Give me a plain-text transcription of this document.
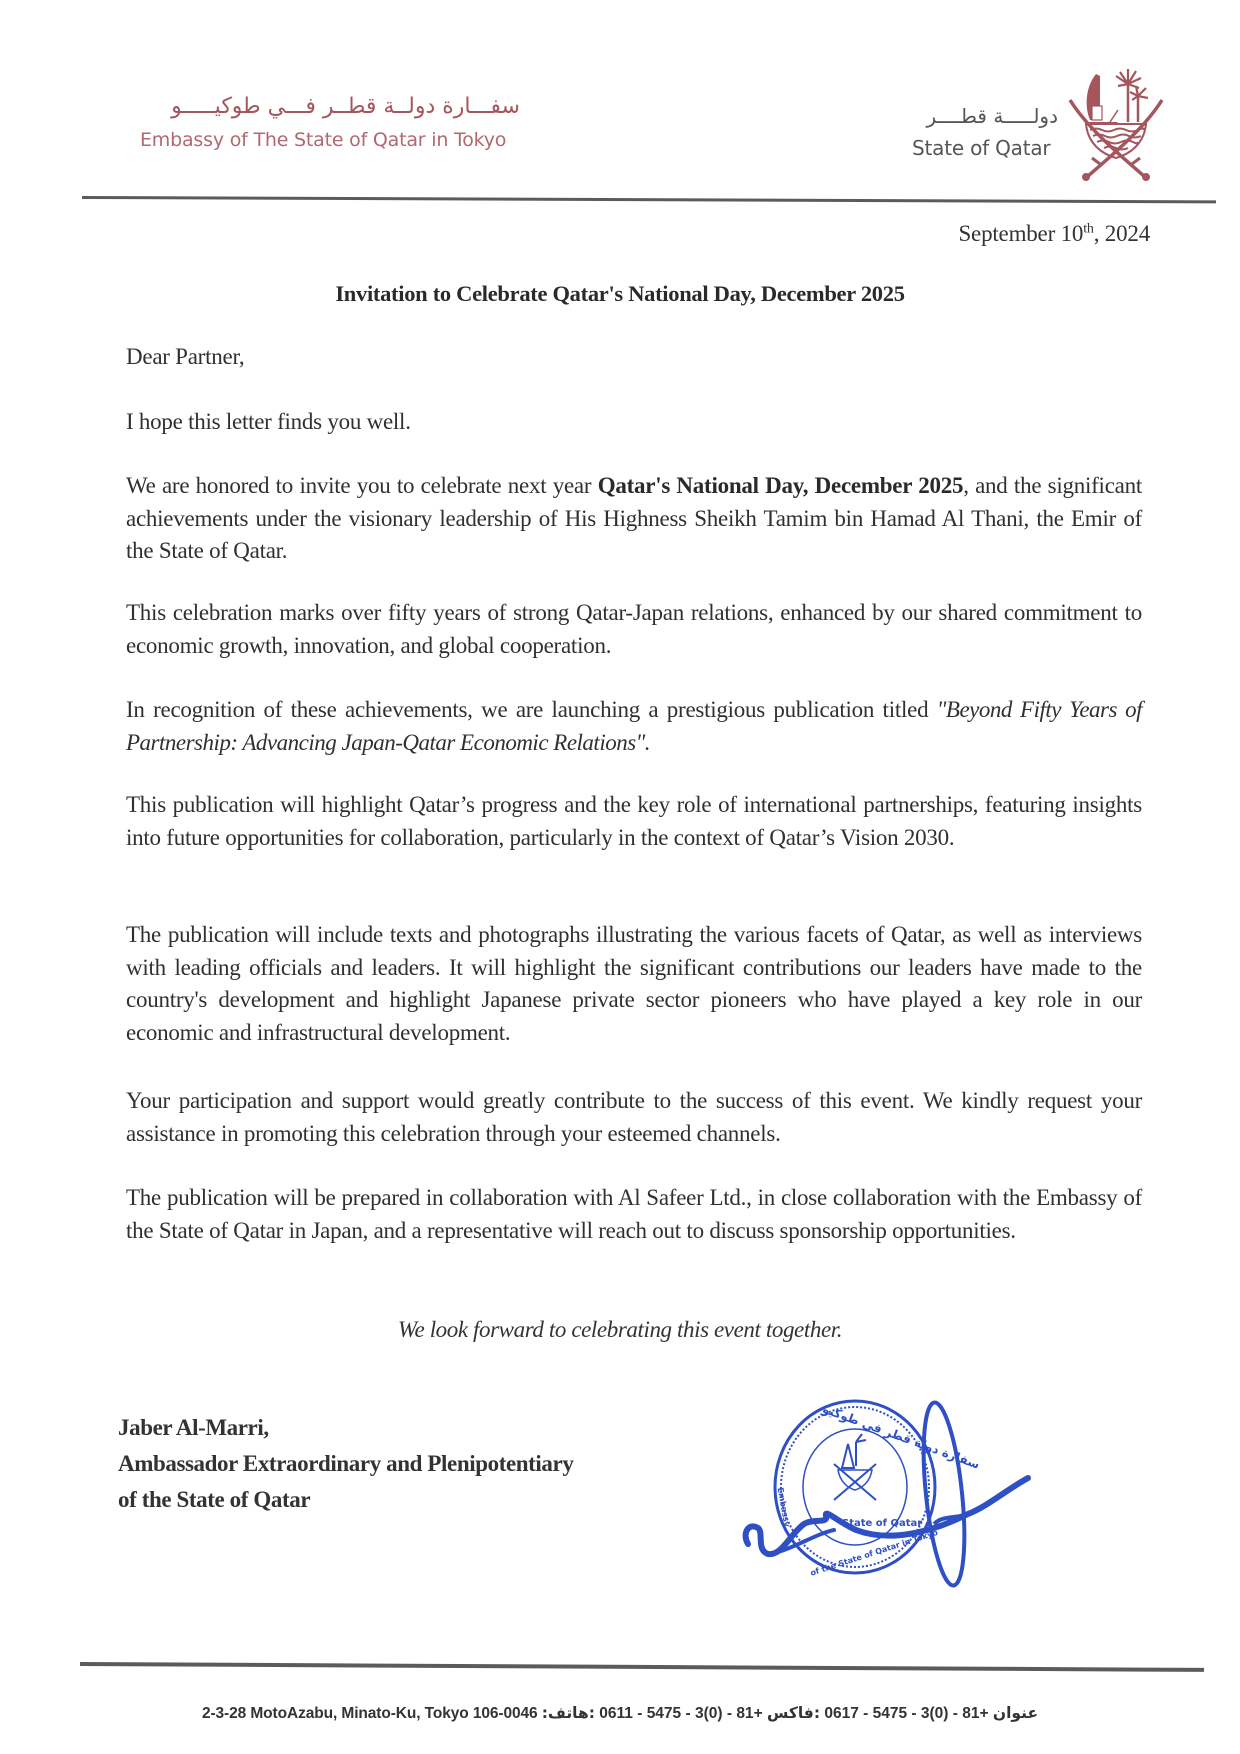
سفـــارة دولــة قطــر فـــي طوكيـــــو
Embassy of The State of Qatar in Tokyo
دولـــــة قطــــر
State of Qatar
September 10th, 2024
Invitation to Celebrate Qatar's National Day, December 2025
Dear Partner,
I hope this letter finds you well.
We are honored to invite you to celebrate next year Qatar's National Day, December 2025, and the significant achievements under the visionary leadership of His Highness Sheikh Tamim bin Hamad Al Thani, the Emir of the State of Qatar.
This celebration marks over fifty years of strong Qatar-Japan relations, enhanced by our shared commitment to economic growth, innovation, and global cooperation.
In recognition of these achievements, we are launching a prestigious publication titled "Beyond Fifty Years of Partnership: Advancing Japan-Qatar Economic Relations".
This publication will highlight Qatar’s progress and the key role of international partnerships, featuring insights into future opportunities for collaboration, particularly in the context of Qatar’s Vision 2030.
The publication will include texts and photographs illustrating the various facets of Qatar, as well as interviews with leading officials and leaders. It will highlight the significant contributions our leaders have made to the country's development and highlight Japanese private sector pioneers who have played a key role in our economic and infrastructural development.
Your participation and support would greatly contribute to the success of this event. We kindly request your assistance in promoting this celebration through your esteemed channels.
The publication will be prepared in collaboration with Al Safeer Ltd., in close collaboration with the Embassy of the State of Qatar in Japan, and a representative will reach out to discuss sponsorship opportunities.
We look forward to celebrating this event together.
Jaber Al-Marri,
Ambassador Extraordinary and Plenipotentiary
of the State of Qatar
State of Qatar
سفارة دولة قطر في طوكيو
of the State of Qatar in Tokyo
Embassy
2-3-28 MotoAzabu, Minato-Ku, Tokyo 106-0046 :عنوان +81 - (0)3 - 5475 - 0617 :فاكس +81 - (0)3 - 5475 - 0611 :هاتف
